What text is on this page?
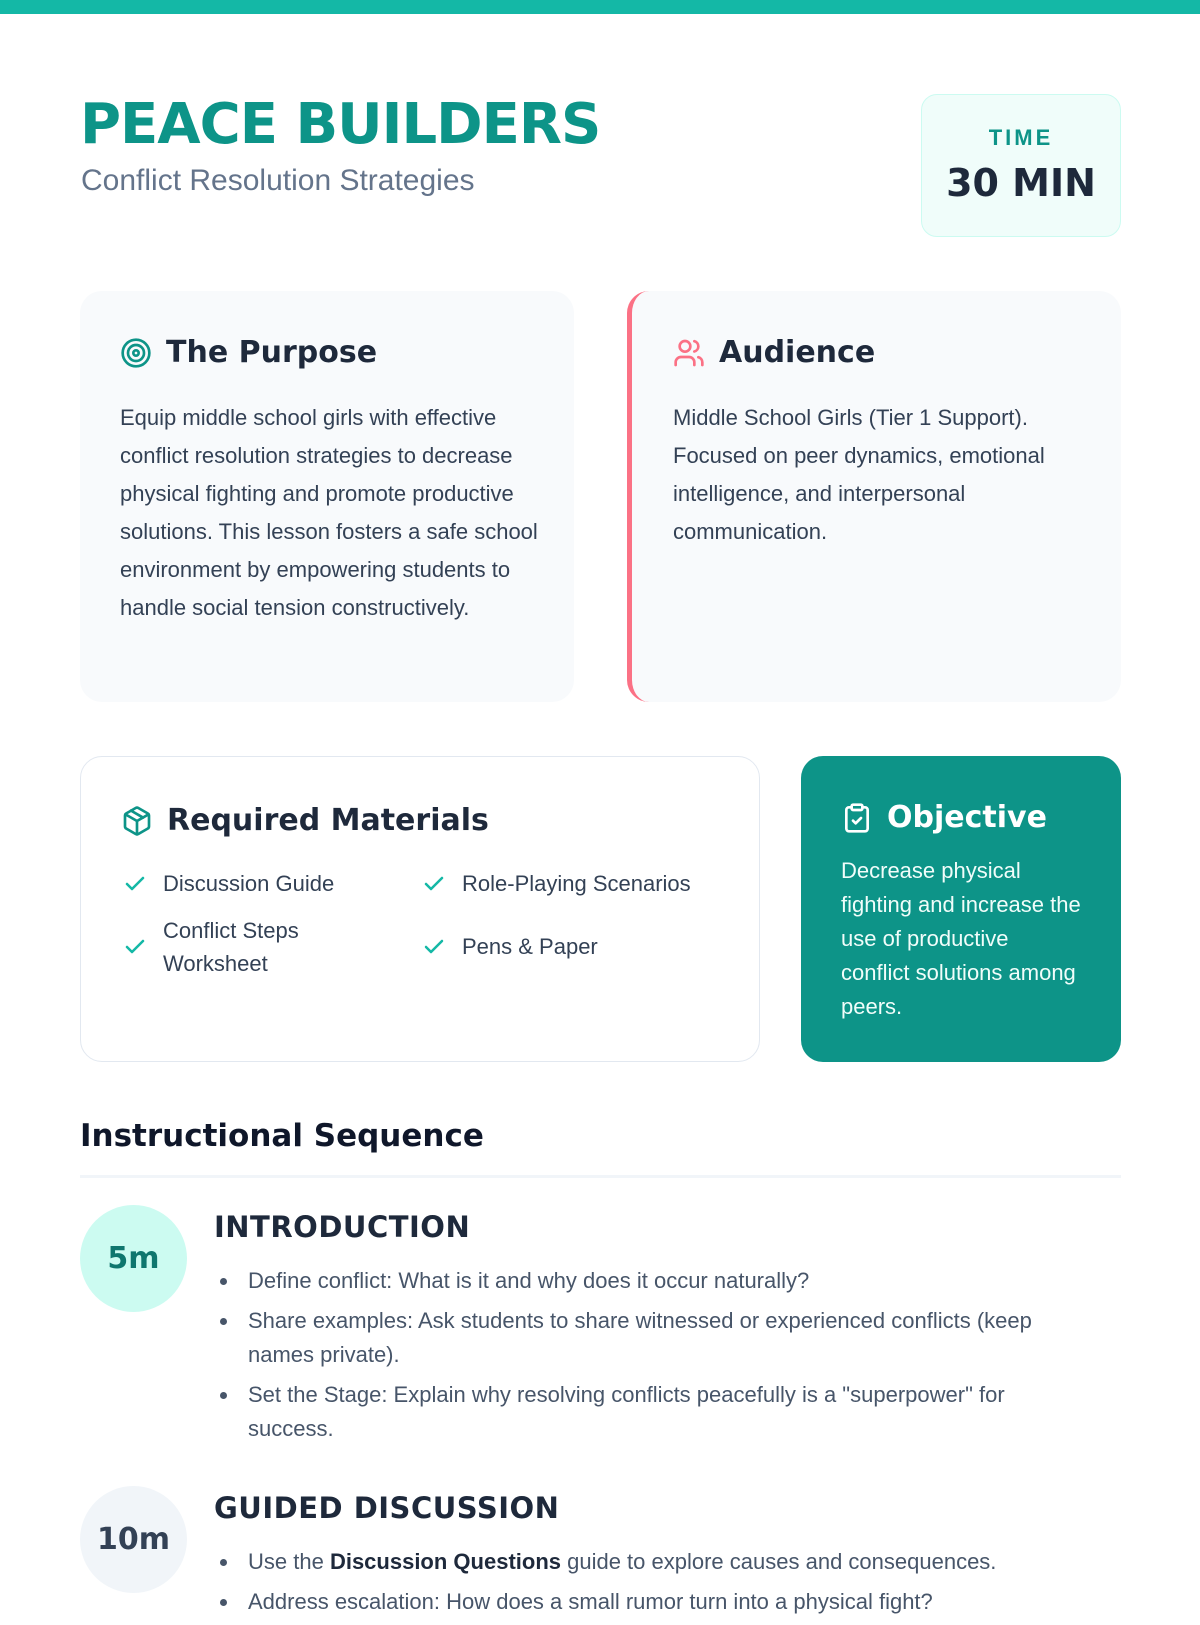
PEACE BUILDERS
Conflict Resolution Strategies
TIME
30 MIN
The Purpose

Equip middle school girls with effective conflict resolution strategies to decrease physical fighting and promote productive solutions. This lesson fosters a safe school environment by empowering students to handle social tension constructively.

Audience

Middle School Girls (Tier 1 Support). Focused on peer dynamics, emotional intelligence, and interpersonal communication.

Required Materials
Discussion Guide	Role-Playing Scenarios
Conflict Steps Worksheet
Pens & Paper
Objective

Decrease physical fighting and increase the use of productive conflict solutions among peers.

Instructional Sequence
5m
INTRODUCTION
Define conflict: What is it and why does it occur naturally?
Share examples: Ask students to share witnessed or experienced conflicts (keep names private).
Set the Stage: Explain why resolving conflicts peacefully is a "superpower" for success.
10m
GUIDED DISCUSSION
Use the Discussion Questions guide to explore causes and consequences.
Address escalation: How does a small rumor turn into a physical fight?
